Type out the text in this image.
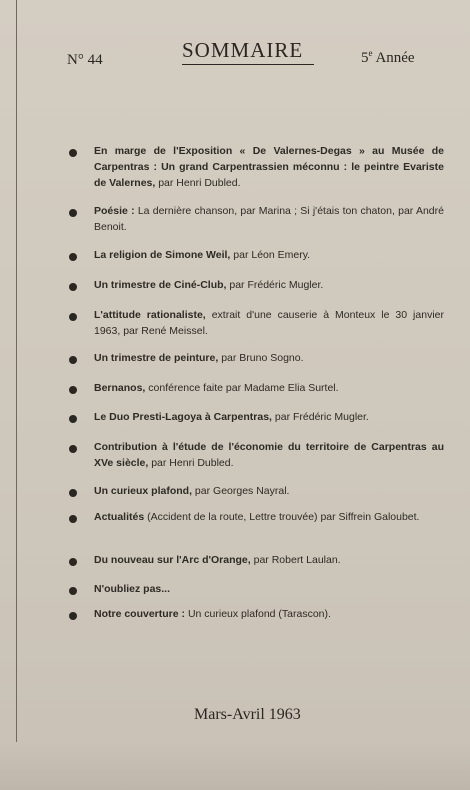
N° 44	SOMMAIRE	5e Année
En marge de l'Exposition « De Valernes-Degas » au Musée de Carpentras : Un grand Carpentrassien méconnu : le peintre Evariste de Valernes, par Henri Dubled.
Poésie : La dernière chanson, par Marina ; Si j'étais ton chaton, par André Benoit.
La religion de Simone Weil, par Léon Emery.
Un trimestre de Ciné-Club, par Frédéric Mugler.
L'attitude rationaliste, extrait d'une causerie à Monteux le 30 janvier 1963, par René Meissel.
Un trimestre de peinture, par Bruno Sogno.
Bernanos, conférence faite par Madame Elia Surtel.
Le Duo Presti-Lagoya à Carpentras, par Frédéric Mugler.
Contribution à l'étude de l'économie du territoire de Carpentras au XVe siècle, par Henri Dubled.
Un curieux plafond, par Georges Nayral.
Actualités (Accident de la route, Lettre trouvée) par Siffrein Galoubet.
Du nouveau sur l'Arc d'Orange, par Robert Laulan.
N'oubliez pas...
Notre couverture : Un curieux plafond (Tarascon).
Mars-Avril 1963
